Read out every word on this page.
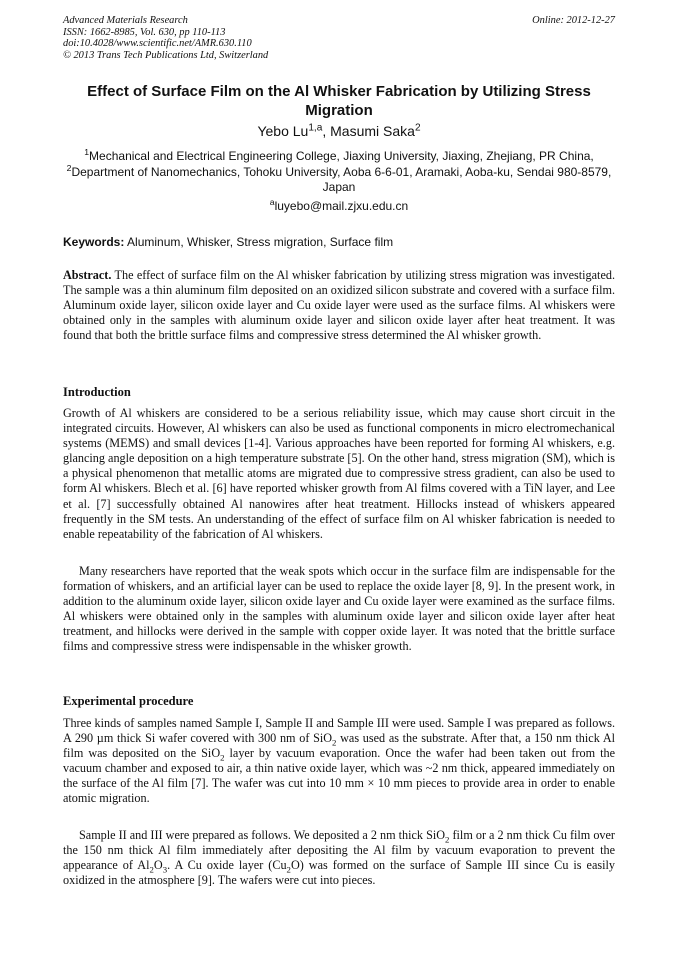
Advanced Materials Research
ISSN: 1662-8985, Vol. 630, pp 110-113
doi:10.4028/www.scientific.net/AMR.630.110
© 2013 Trans Tech Publications Ltd, Switzerland
Online: 2012-12-27
Effect of Surface Film on the Al Whisker Fabrication by Utilizing Stress Migration
Yebo Lu$^{1,a}$, Masumi Saka$^2$
$^1$Mechanical and Electrical Engineering College, Jiaxing University, Jiaxing, Zhejiang, PR China,
$^2$Department of Nanomechanics, Tohoku University, Aoba 6-6-01, Aramaki, Aoba-ku, Sendai 980-8579, Japan
$^a$luyebo@mail.zjxu.edu.cn
Keywords: Aluminum, Whisker, Stress migration, Surface film
Abstract. The effect of surface film on the Al whisker fabrication by utilizing stress migration was investigated. The sample was a thin aluminum film deposited on an oxidized silicon substrate and covered with a surface film. Aluminum oxide layer, silicon oxide layer and Cu oxide layer were used as the surface films. Al whiskers were obtained only in the samples with aluminum oxide layer and silicon oxide layer after heat treatment. It was found that both the brittle surface films and compressive stress determined the Al whisker growth.
Introduction
Growth of Al whiskers are considered to be a serious reliability issue, which may cause short circuit in the integrated circuits. However, Al whiskers can also be used as functional components in micro electromechanical systems (MEMS) and small devices [1-4]. Various approaches have been reported for forming Al whiskers, e.g. glancing angle deposition on a high temperature substrate [5]. On the other hand, stress migration (SM), which is a physical phenomenon that metallic atoms are migrated due to compressive stress gradient, can also be used to form Al whiskers. Blech et al. [6] have reported whisker growth from Al films covered with a TiN layer, and Lee et al. [7] successfully obtained Al nanowires after heat treatment. Hillocks instead of whiskers appeared frequently in the SM tests. An understanding of the effect of surface film on Al whisker fabrication is needed to enable repeatability of the fabrication of Al whiskers.
Many researchers have reported that the weak spots which occur in the surface film are indispensable for the formation of whiskers, and an artificial layer can be used to replace the oxide layer [8, 9]. In the present work, in addition to the aluminum oxide layer, silicon oxide layer and Cu oxide layer were examined as the surface films. Al whiskers were obtained only in the samples with aluminum oxide layer and silicon oxide layer after heat treatment, and hillocks were derived in the sample with copper oxide layer. It was noted that the brittle surface films and compressive stress were indispensable in the whisker growth.
Experimental procedure
Three kinds of samples named Sample I, Sample II and Sample III were used. Sample I was prepared as follows. A 290 µm thick Si wafer covered with 300 nm of SiO$_2$ was used as the substrate. After that, a 150 nm thick Al film was deposited on the SiO$_2$ layer by vacuum evaporation. Once the wafer had been taken out from the vacuum chamber and exposed to air, a thin native oxide layer, which was ~2 nm thick, appeared immediately on the surface of the Al film [7]. The wafer was cut into 10 mm × 10 mm pieces to provide area in order to enable atomic migration.
Sample II and III were prepared as follows. We deposited a 2 nm thick SiO$_2$ film or a 2 nm thick Cu film over the 150 nm thick Al film immediately after depositing the Al film by vacuum evaporation to prevent the appearance of $Al_2O_3$. A Cu oxide layer $(Cu_2O)$ was formed on the surface of Sample III since Cu is easily oxidized in the atmosphere [9]. The wafers were cut into pieces.
